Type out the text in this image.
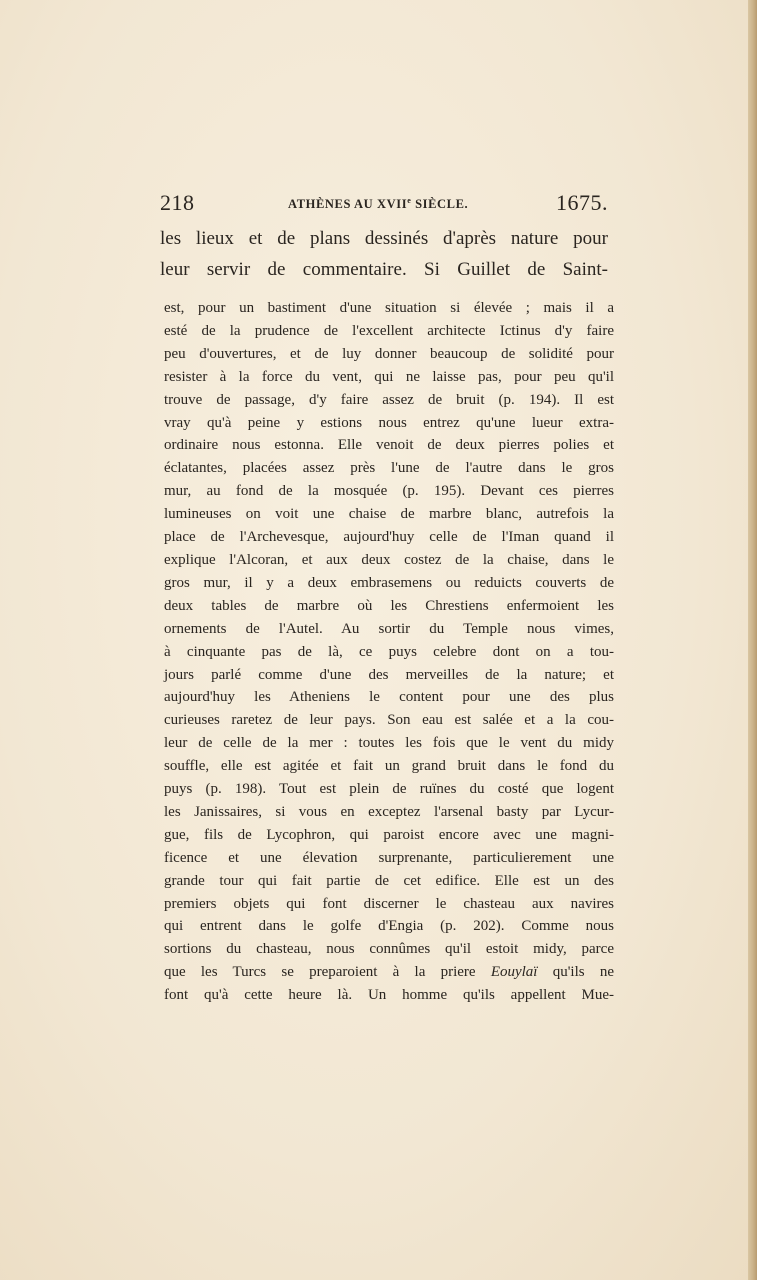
218	ATHÈNES AU XVIIe SIÈCLE.	1675.
les lieux et de plans dessinés d'après nature pour
leur servir de commentaire. Si Guillet de Saint-
est, pour un bastiment d'une situation si élevée ; mais il a
esté de la prudence de l'excellent architecte Ictinus d'y faire
peu d'ouvertures, et de luy donner beaucoup de solidité pour
resister à la force du vent, qui ne laisse pas, pour peu qu'il
trouve de passage, d'y faire assez de bruit (p. 194). Il est
vray qu'à peine y estions nous entrez qu'une lueur extra-
ordinaire nous estonna. Elle venoit de deux pierres polies et
éclatantes, placées assez près l'une de l'autre dans le gros
mur, au fond de la mosquée (p. 195). Devant ces pierres
lumineuses on voit une chaise de marbre blanc, autrefois la
place de l'Archevesque, aujourd'huy celle de l'Iman quand il
explique l'Alcoran, et aux deux costez de la chaise, dans le
gros mur, il y a deux embrasemens ou reduicts couverts de
deux tables de marbre où les Chrestiens enfermoient les
ornements de l'Autel. Au sortir du Temple nous vimes,
à cinquante pas de là, ce puys celebre dont on a tou-
jours parlé comme d'une des merveilles de la nature; et
aujourd'huy les Atheniens le content pour une des plus
curieuses raretez de leur pays. Son eau est salée et a la cou-
leur de celle de la mer : toutes les fois que le vent du midy
souffle, elle est agitée et fait un grand bruit dans le fond du
puys (p. 198). Tout est plein de ruïnes du costé que logent
les Janissaires, si vous en exceptez l'arsenal basty par Lycur-
gue, fils de Lycophron, qui paroist encore avec une magni-
ficence et une élevation surprenante, particulierement une
grande tour qui fait partie de cet edifice. Elle est un des
premiers objets qui font discerner le chasteau aux navires
qui entrent dans le golfe d'Engia (p. 202). Comme nous
sortions du chasteau, nous connûmes qu'il estoit midy, parce
que les Turcs se preparoient à la priere Eouylaï qu'ils ne
font qu'à cette heure là. Un homme qu'ils appellent Mue-
